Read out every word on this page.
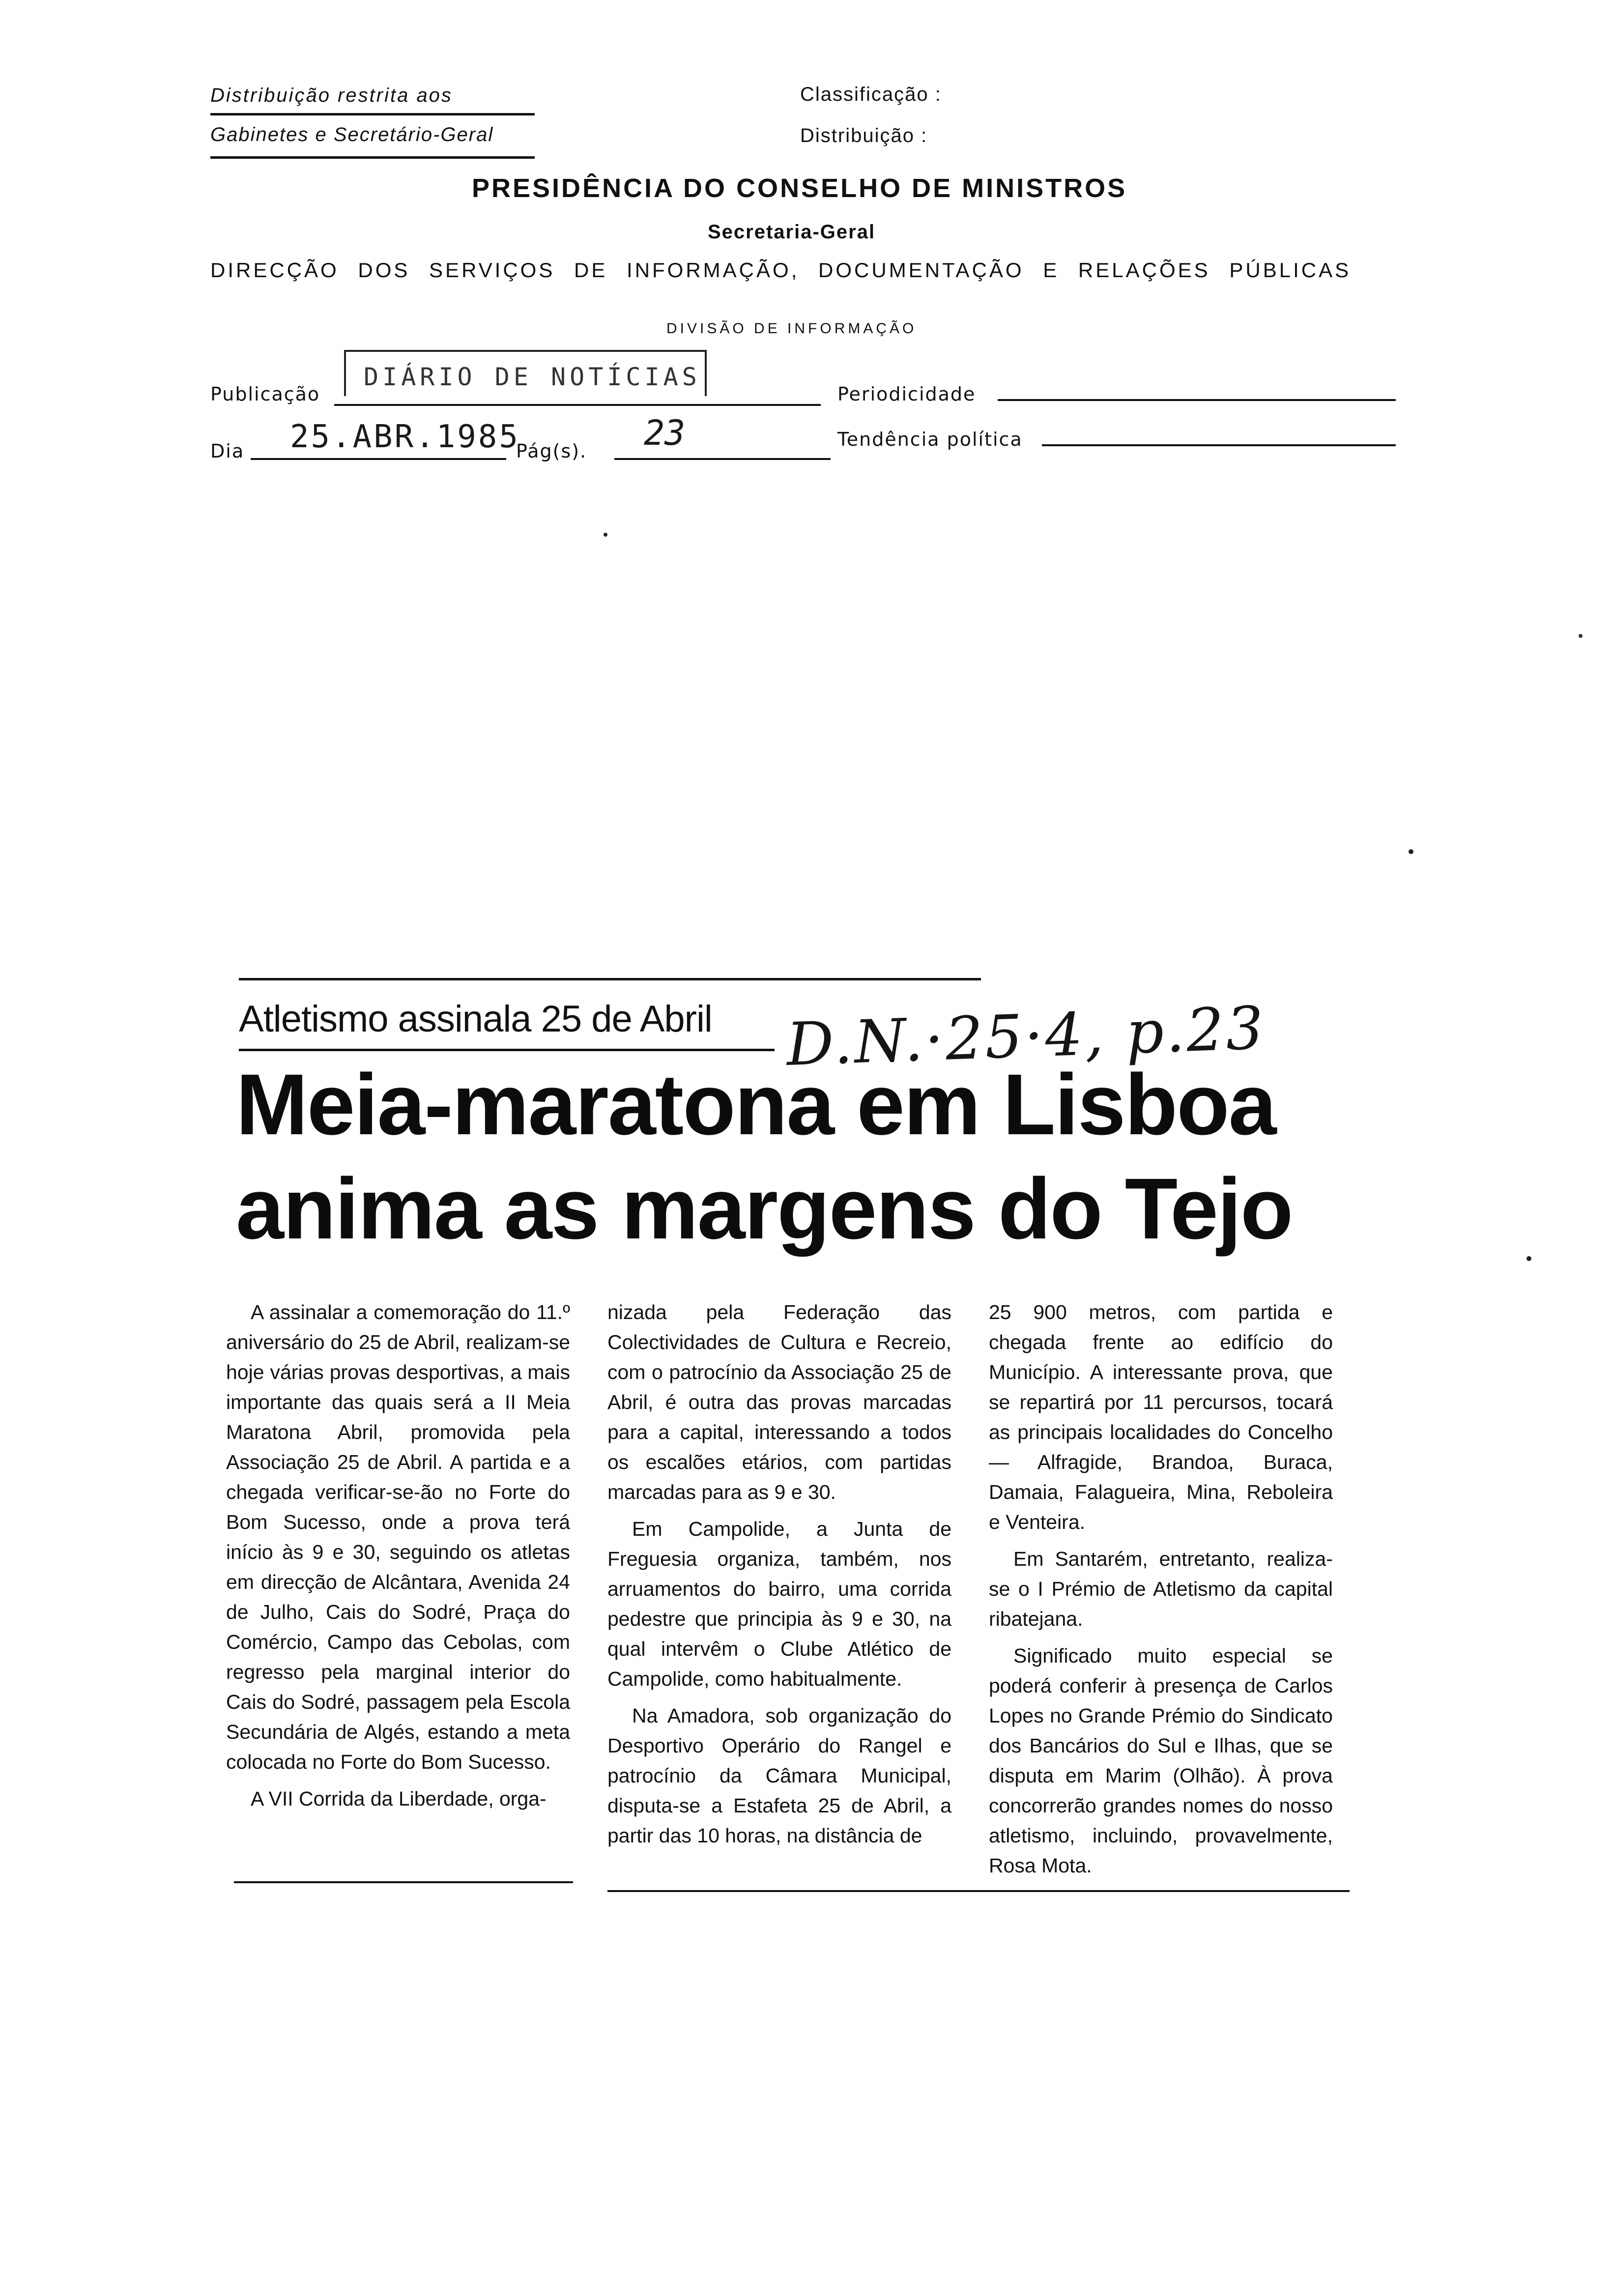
Distribuição restrita aos
Gabinetes e Secretário-Geral
Classificação :
Distribuição :
PRESIDÊNCIA DO CONSELHO DE MINISTROS
Secretaria-Geral
DIRECÇÃO DOS SERVIÇOS DE INFORMAÇÃO, DOCUMENTAÇÃO E RELAÇÕES PÚBLICAS
DIVISÃO DE INFORMAÇÃO
Publicação
DIÁRIO DE NOTÍCIAS
Periodicidade
Dia 25.ABR.1985
Pág(s). 23	Tendência política
Atletismo assinala 25 de Abril D.N.·25·4, p.23
Meia-maratona em Lisboa
anima as margens do Tejo

A assinalar a comemoração do 11.º aniversário do 25 de Abril, realizam-se hoje várias provas desportivas, a mais importante das quais será a II Meia Maratona Abril, promovida pela Associação 25 de Abril. A partida e a chegada verificar-se-ão no Forte do Bom Sucesso, onde a prova terá início às 9 e 30, seguindo os atletas em direcção de Alcântara, Avenida 24 de Julho, Cais do Sodré, Praça do Comércio, Campo das Cebolas, com regresso pela marginal interior do Cais do Sodré, passagem pela Escola Secundária de Algés, estando a meta colocada no Forte do Bom Sucesso.

A VII Corrida da Liberdade, orga-

nizada pela Federação das Colectividades de Cultura e Recreio, com o patrocínio da Associação 25 de Abril, é outra das provas marcadas para a capital, interessando a todos os escalões etários, com partidas marcadas para as 9 e 30.

Em Campolide, a Junta de Freguesia organiza, também, nos arruamentos do bairro, uma corrida pedestre que principia às 9 e 30, na qual intervêm o Clube Atlético de Campolide, como habitualmente.

Na Amadora, sob organização do Desportivo Operário do Rangel e patrocínio da Câmara Municipal, disputa-se a Estafeta 25 de Abril, a partir das 10 horas, na distância de

25 900 metros, com partida e chegada frente ao edifício do Município. A interessante prova, que se repartirá por 11 percursos, tocará as principais localidades do Concelho — Alfragide, Brandoa, Buraca, Damaia, Falagueira, Mina, Reboleira e Venteira.

Em Santarém, entretanto, realiza-se o I Prémio de Atletismo da capital ribatejana.

Significado muito especial se poderá conferir à presença de Carlos Lopes no Grande Prémio do Sindicato dos Bancários do Sul e Ilhas, que se disputa em Marim (Olhão). À prova concorrerão grandes nomes do nosso atletismo, incluindo, provavelmente, Rosa Mota.
